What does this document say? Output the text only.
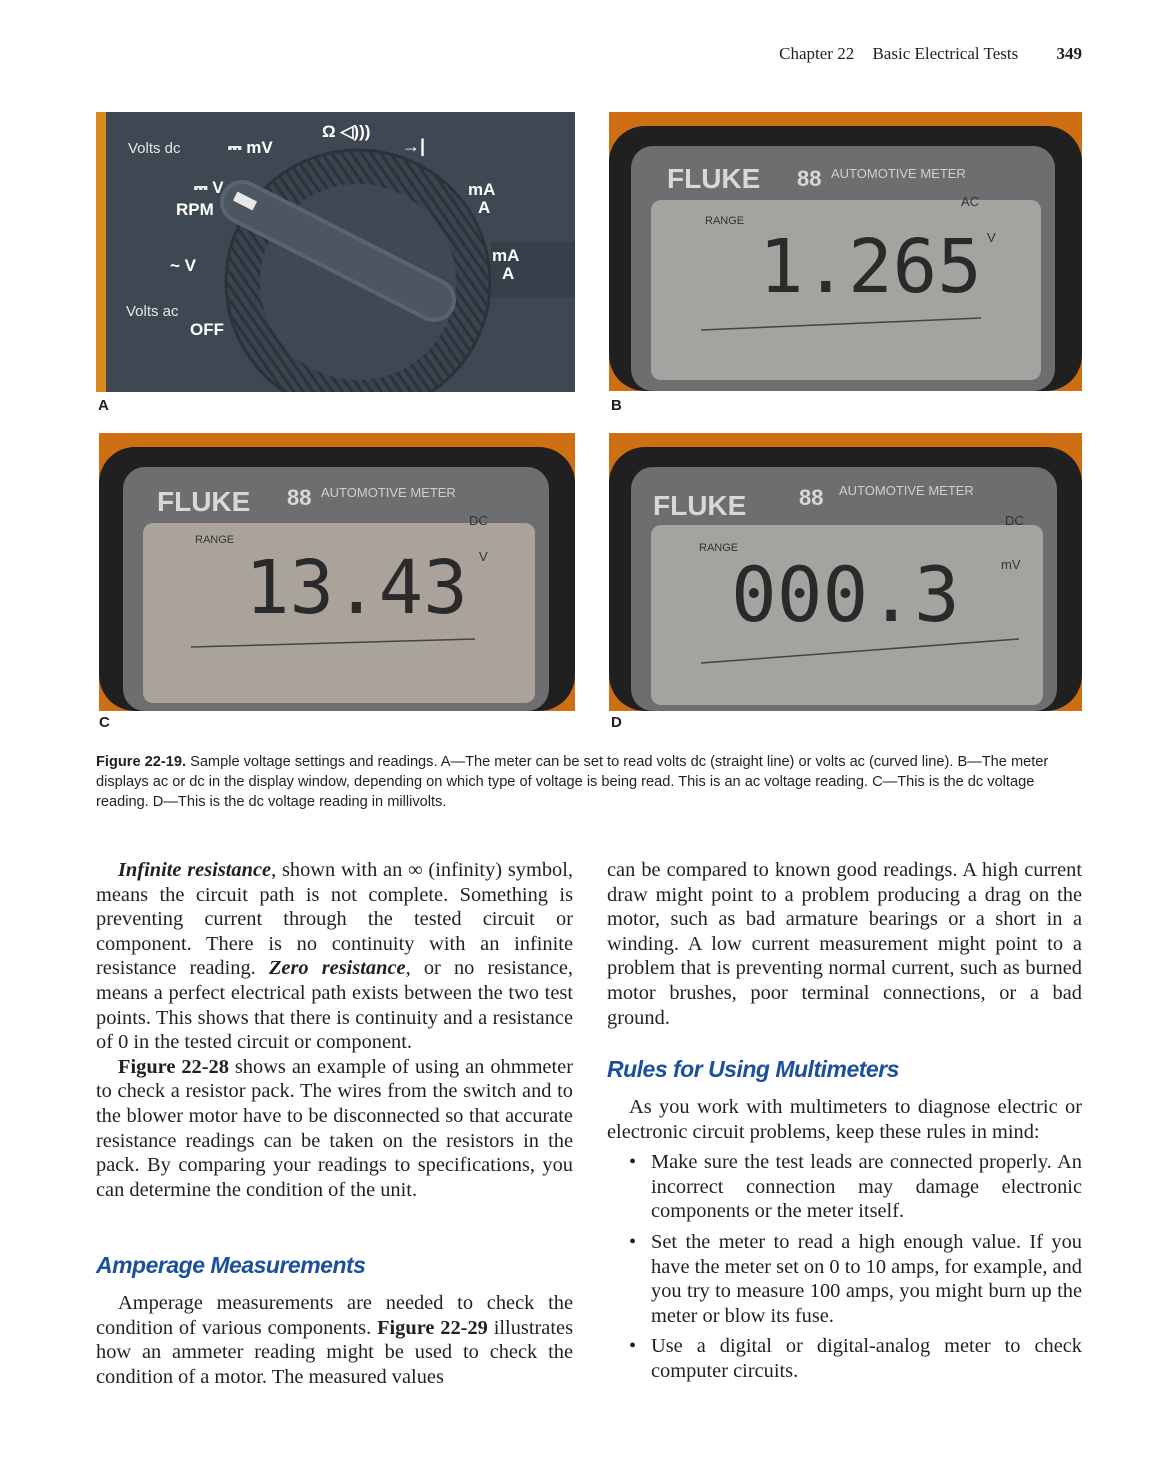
Chapter 22 Basic Electrical Tests 349
Volts dc
Volts ac
⎓ mV
Ω ◁)))
→|
⎓ V
RPM
~ V
OFF
mA
A
mA
A
A
FLUKE 88 AUTOMOTIVE METER
RANGE
AC
V
1.265
B
FLUKE 88 AUTOMOTIVE METER
RANGE
DC
V
13.43
C
FLUKE 88 AUTOMOTIVE METER
RANGE
DC
mV
000.3
D
Figure 22-19. Sample voltage settings and readings. A—The meter can be set to read volts dc (straight line) or volts ac (curved line). B—The meter displays ac or dc in the display window, depending on which type of voltage is being read. This is an ac voltage reading. C—This is the dc voltage reading. D—This is the dc voltage reading in millivolts.

Infinite resistance, shown with an ∞ (infinity) symbol, means the circuit path is not complete. Something is preventing current through the tested circuit or component. There is no continuity with an infinite resistance reading. Zero resistance, or no resistance, means a perfect electrical path exists between the two test points. This shows that there is continuity and a resistance of 0 in the tested circuit or component.

Figure 22-28 shows an example of using an ohmmeter to check a resistor pack. The wires from the switch and to the blower motor have to be disconnected so that accurate resistance readings can be taken on the resistors in the pack. By comparing your readings to specifications, you can determine the condition of the unit.

Amperage Measurements

Amperage measurements are needed to check the condition of various components. Figure 22-29 illustrates how an ammeter reading might be used to check the condition of a motor. The measured values

can be compared to known good readings. A high current draw might point to a problem producing a drag on the motor, such as bad armature bearings or a short in a winding. A low current measurement might point to a problem that is preventing normal current, such as burned motor brushes, poor terminal connections, or a bad ground.

Rules for Using Multimeters

As you work with multimeters to diagnose electric or electronic circuit problems, keep these rules in mind:

• Make sure the test leads are connected properly. An incorrect connection may damage electronic components or the meter itself.
• Set the meter to read a high enough value. If you have the meter set on 0 to 10 amps, for example, and you try to measure 100 amps, you might burn up the meter or blow its fuse.
• Use a digital or digital-analog meter to check computer circuits.
